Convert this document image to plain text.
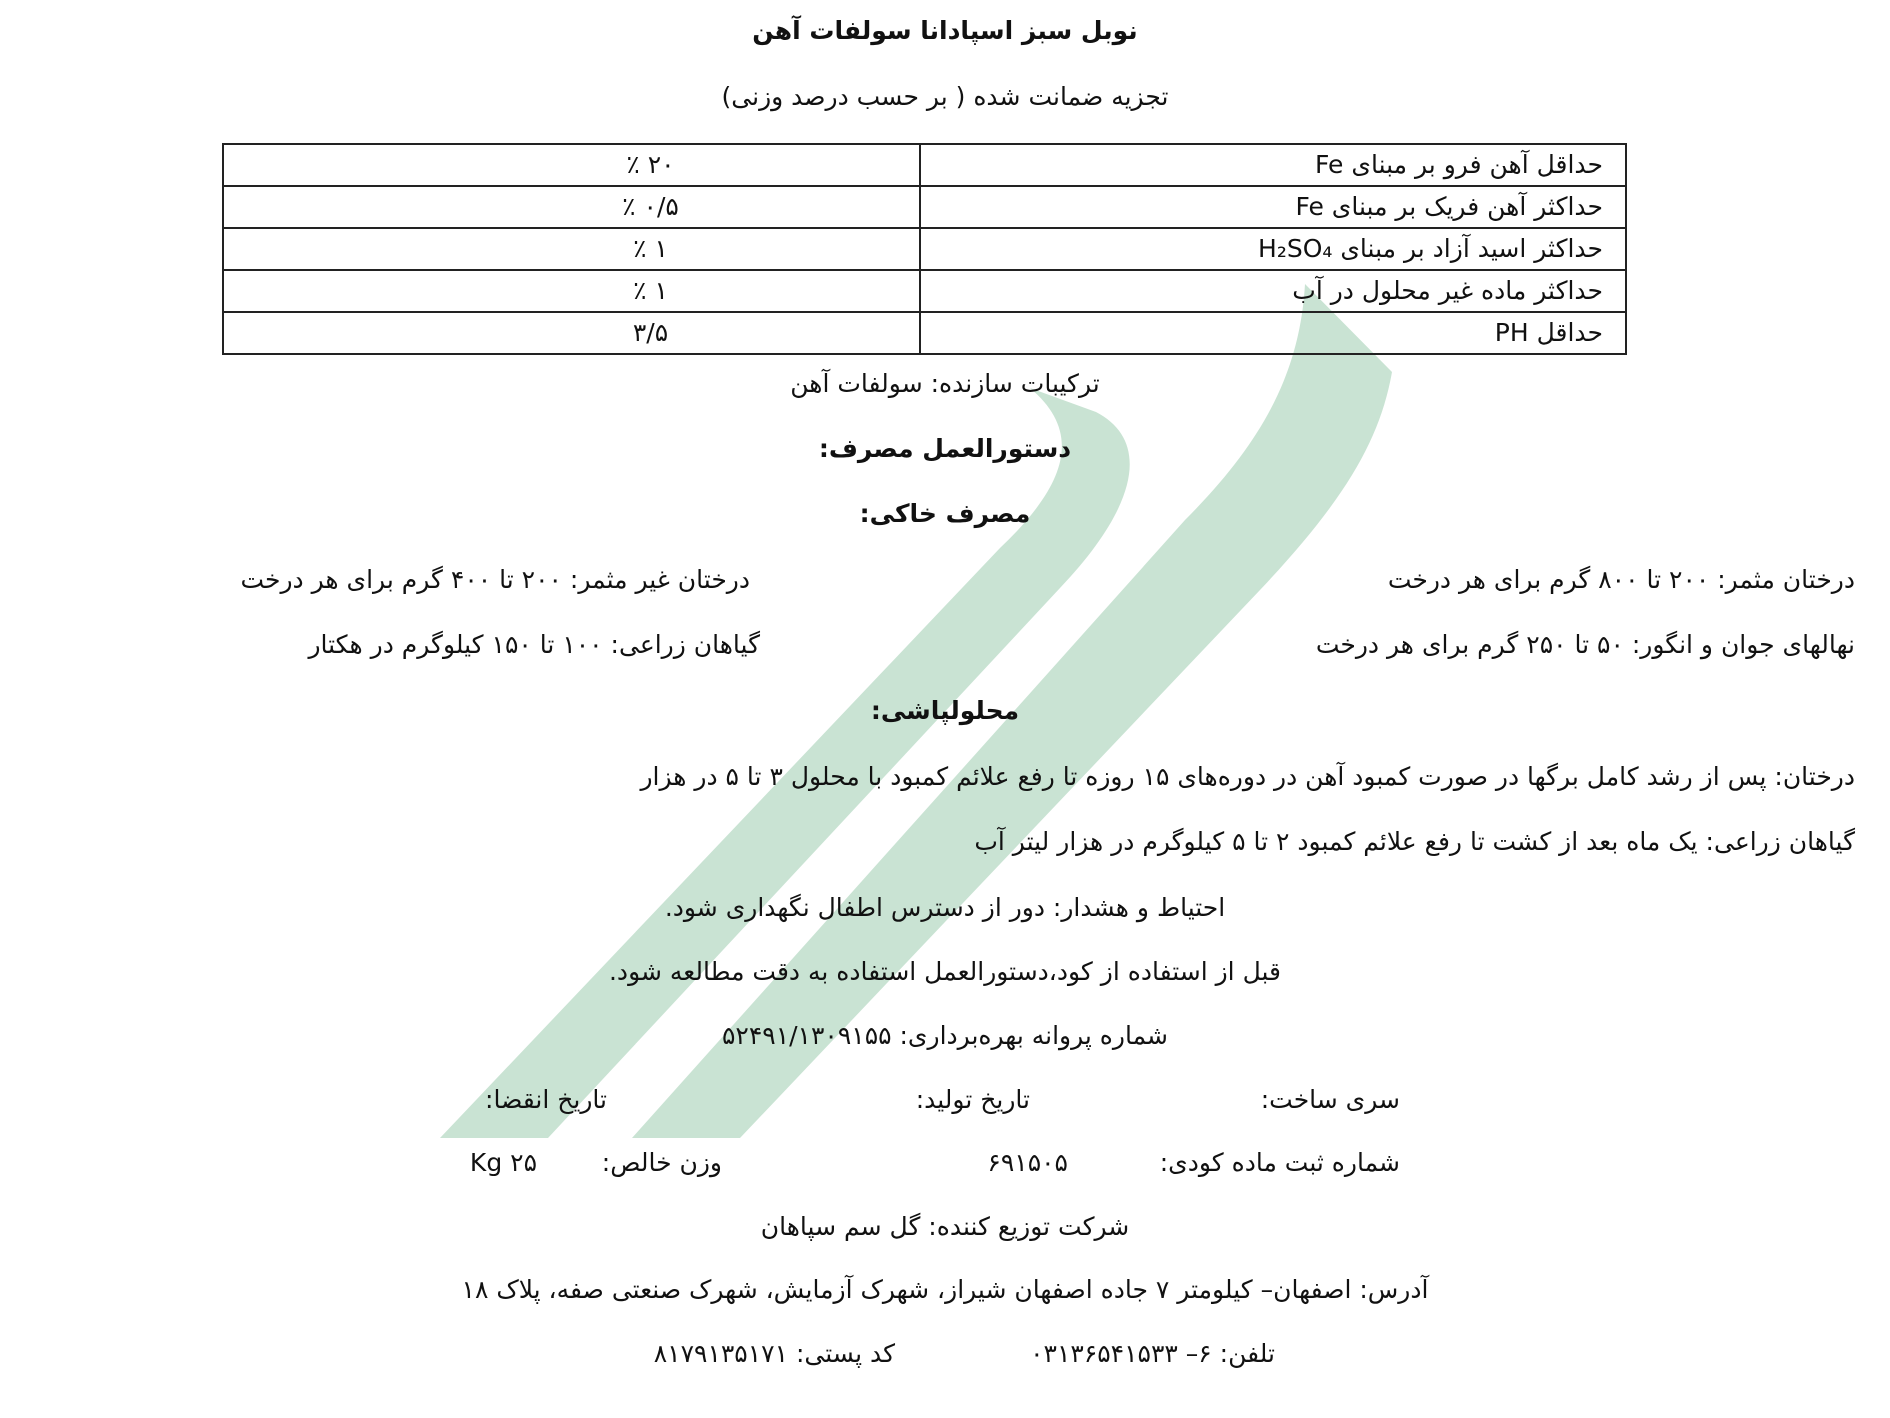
نوبل سبز اسپادانا سولفات آهن
تجزیه ضمانت شده ( بر حسب درصد وزنی)
حداقل آهن فرو بر مبنای Fe	۲۰ ٪
حداکثر آهن فریک بر مبنای Fe	۰/۵ ٪
حداکثر اسید آزاد بر مبنای H₂SO₄	۱ ٪
حداکثر ماده غیر محلول در آب	۱ ٪
حداقل PH	۳/۵
ترکیبات سازنده: سولفات آهن
دستورالعمل مصرف:
مصرف خاکی:
درختان مثمر: ۲۰۰ تا ۸۰۰ گرم برای هر درخت
درختان غیر مثمر: ۲۰۰ تا ۴۰۰ گرم برای هر درخت
نهالهای جوان و انگور: ۵۰ تا ۲۵۰ گرم برای هر درخت
گیاهان زراعی: ۱۰۰ تا ۱۵۰ کیلوگرم در هکتار
محلولپاشی:
درختان: پس از رشد کامل برگها در صورت کمبود آهن در دوره‌های ۱۵ روزه تا رفع علائم کمبود با محلول ۳ تا ۵ در هزار
گیاهان زراعی: یک ماه بعد از کشت تا رفع علائم کمبود ۲ تا ۵ کیلوگرم در هزار لیتر آب
احتیاط و هشدار: دور از دسترس اطفال نگهداری شود.
قبل از استفاده از کود،دستورالعمل استفاده به دقت مطالعه شود.
شماره پروانه بهره‌برداری: ۵۲۴۹۱/۱۳۰۹۱۵۵
سری ساخت:
تاریخ تولید:
تاریخ انقضا:
شماره ثبت ماده کودی:
۶۹۱۵۰۵
وزن خالص:
۲۵ Kg
شرکت توزیع کننده: گل سم سپاهان
آدرس: اصفهان– کیلومتر ۷ جاده اصفهان شیراز، شهرک آزمایش، شهرک صنعتی صفه، پلاک ۱۸
تلفن: ۶– ۰۳۱۳۶۵۴۱۵۳۳
کد پستی: ۸۱۷۹۱۳۵۱۷۱
